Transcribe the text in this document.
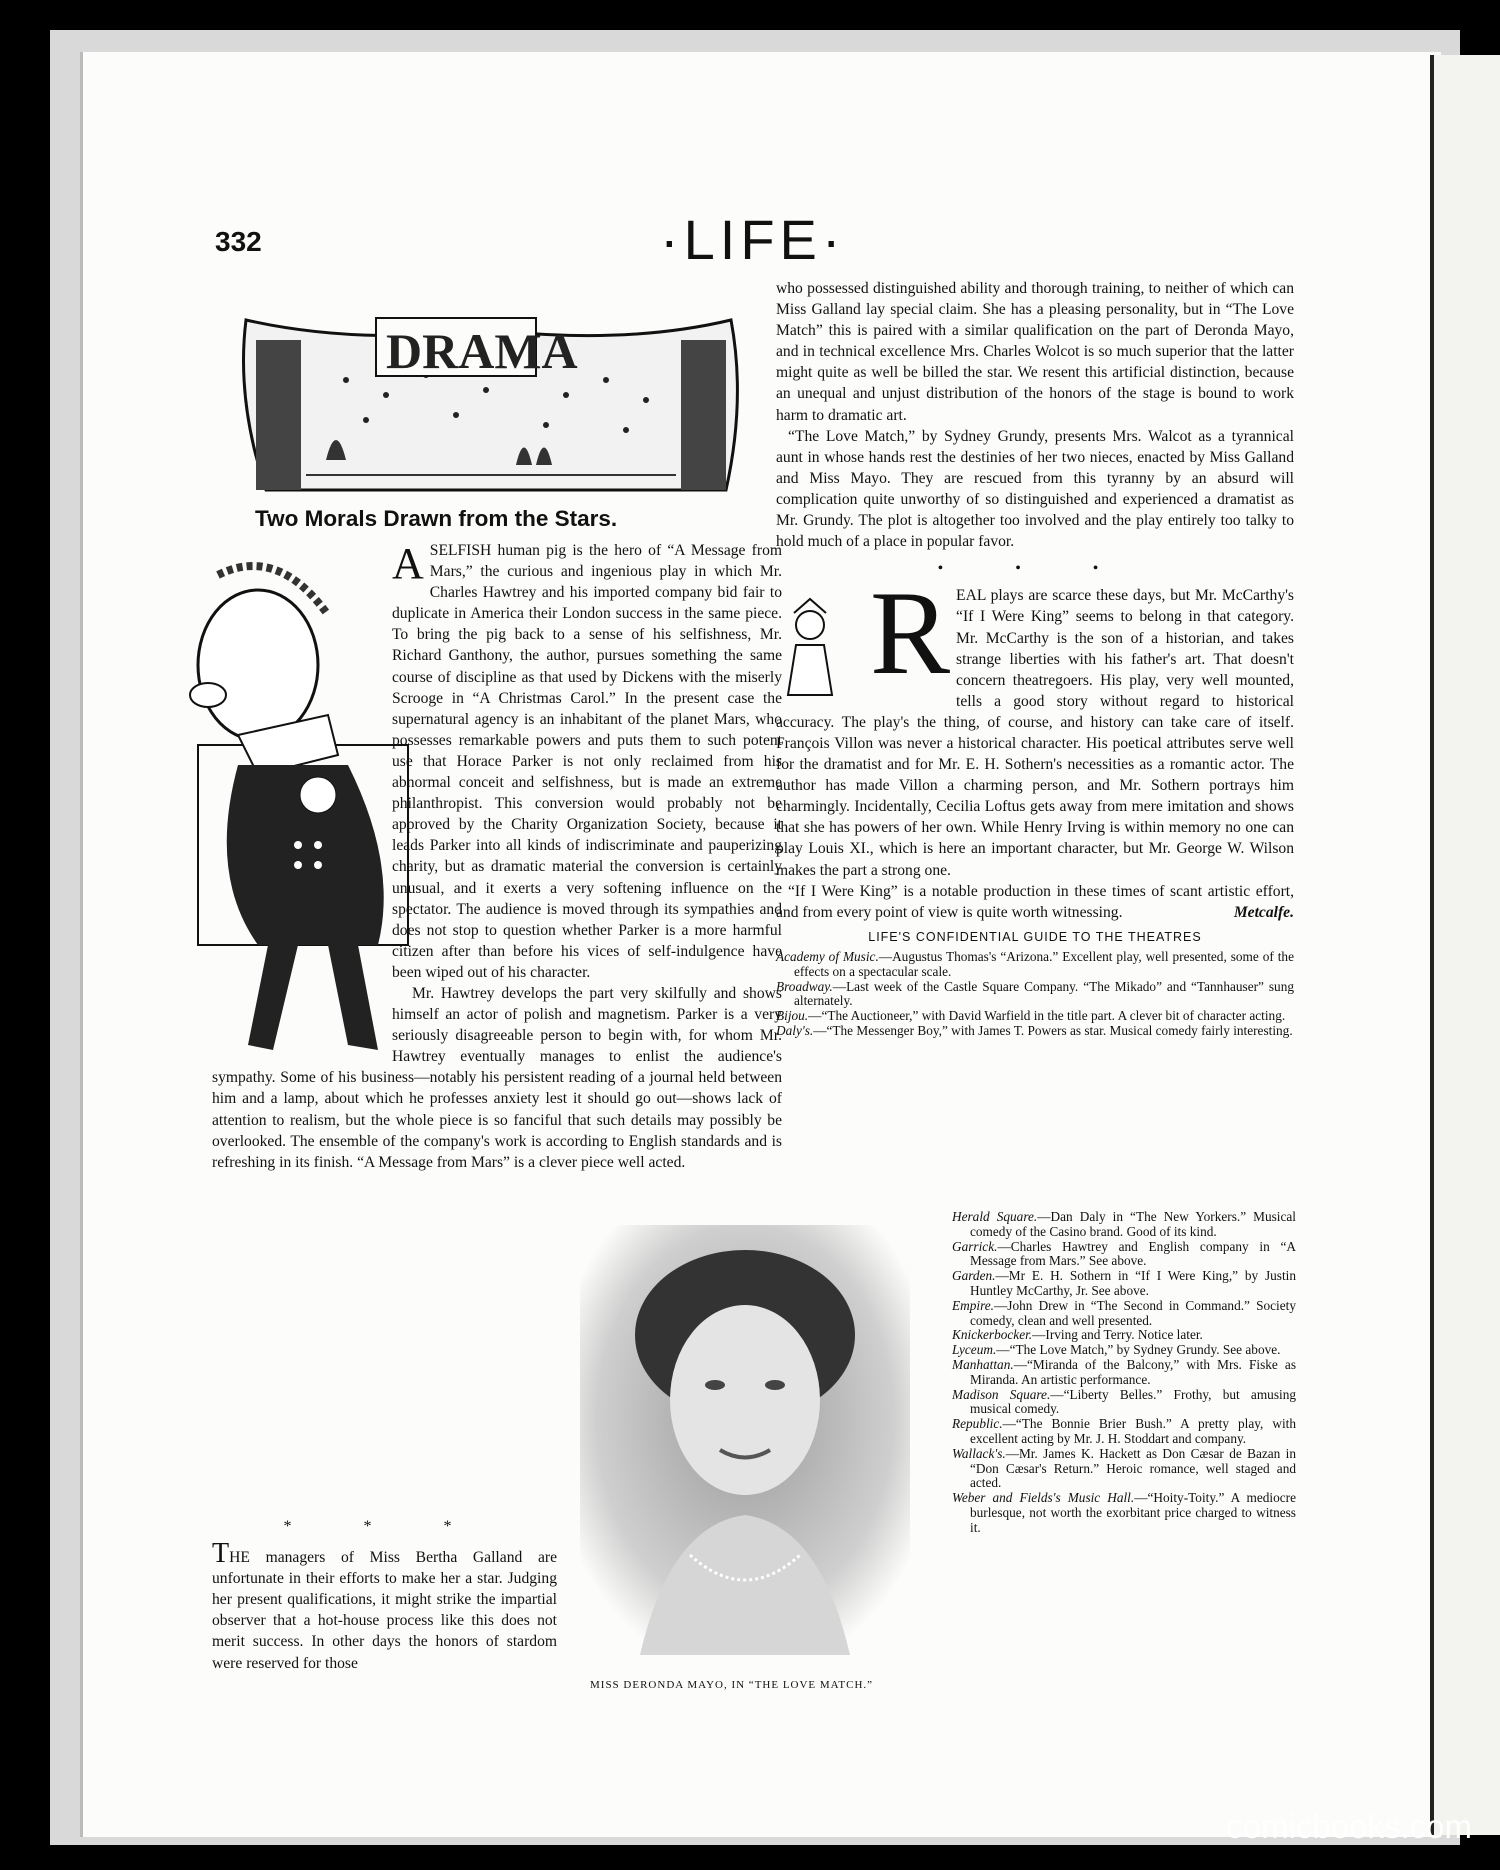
332	·LIFE·
DRAMA
Two Morals Drawn from the Stars.

A SELFISH human pig is the hero of “A Message from Mars,” the curious and ingenious play in which Mr. Charles Hawtrey and his imported company bid fair to duplicate in America their London success in the same piece. To bring the pig back to a sense of his selfishness, Mr. Richard Ganthony, the author, pursues something the same course of discipline as that used by Dickens with the miserly Scrooge in “A Christmas Carol.” In the present case the supernatural agency is an inhabitant of the planet Mars, who possesses remarkable powers and puts them to such potent use that Horace Parker is not only reclaimed from his abnormal conceit and selfishness, but is made an extreme philanthropist. This conversion would probably not be approved by the Charity Organization Society, because it leads Parker into all kinds of indiscriminate and pauperizing charity, but as dramatic material the conversion is certainly unusual, and it exerts a very softening influence on the spectator. The audience is moved through its sympathies and does not stop to question whether Parker is a more harmful citizen after than before his vices of self-indulgence have been wiped out of his character.

Mr. Hawtrey develops the part very skilfully and shows himself an actor of polish and magnetism. Parker is a very seriously disagreeable person to begin with, for whom Mr. Hawtrey eventually manages to enlist the audience's sympathy. Some of his business—notably his persistent reading of a journal held between him and a lamp, about which he professes anxiety lest it should go out—shows lack of attention to realism, but the whole piece is so fanciful that such details may possibly be overlooked. The ensemble of the company's work is according to English standards and is refreshing in its finish. “A Message from Mars” is a clever piece well acted.

* * *

THE managers of Miss Bertha Galland are unfortunate in their efforts to make her a star. Judging her present qualifications, it might strike the impartial observer that a hot-house process like this does not merit success. In other days the honors of stardom were reserved for those

who possessed distinguished ability and thorough training, to neither of which can Miss Galland lay special claim. She has a pleasing personality, but in “The Love Match” this is paired with a similar qualification on the part of Deronda Mayo, and in technical excellence Mrs. Charles Wolcot is so much superior that the latter might quite as well be billed the star. We resent this artificial distinction, because an unequal and unjust distribution of the honors of the stage is bound to work harm to dramatic art.

“The Love Match,” by Sydney Grundy, presents Mrs. Walcot as a tyrannical aunt in whose hands rest the destinies of her two nieces, enacted by Miss Galland and Miss Mayo. They are rescued from this tyranny by an absurd will complication quite unworthy of so distinguished and experienced a dramatist as Mr. Grundy. The plot is altogether too involved and the play entirely too talky to hold much of a place in popular favor.

• • •

R EAL plays are scarce these days, but Mr. McCarthy's “If I Were King” seems to belong in that category. Mr. McCarthy is the son of a historian, and takes strange liberties with his father's art. That doesn't concern theatregoers. His play, very well mounted, tells a good story without regard to historical accuracy. The play's the thing, of course, and history can take care of itself. François Villon was never a historical character. His poetical attributes serve well for the dramatist and for Mr. E. H. Sothern's necessities as a romantic actor. The author has made Villon a charming person, and Mr. Sothern portrays him charmingly. Incidentally, Cecilia Loftus gets away from mere imitation and shows that she has powers of her own. While Henry Irving is within memory no one can play Louis XI., which is here an important character, but Mr. George W. Wilson makes the part a strong one.

“If I Were King” is a notable production in these times of scant artistic effort, and from every point of view is quite worth witnessing.	Metcalfe.

LIFE'S CONFIDENTIAL GUIDE TO THE THEATRES

Academy of Music.—Augustus Thomas's “Arizona.” Excellent play, well presented, some of the effects on a spectacular scale.

Broadway.—Last week of the Castle Square Company. “The Mikado” and “Tannhauser” sung alternately.

Bijou.—“The Auctioneer,” with David Warfield in the title part. A clever bit of character acting.

Daly's.—“The Messenger Boy,” with James T. Powers as star. Musical comedy fairly interesting.

Herald Square.—Dan Daly in “The New Yorkers.” Musical comedy of the Casino brand. Good of its kind.

Garrick.—Charles Hawtrey and English company in “A Message from Mars.” See above.

Garden.—Mr E. H. Sothern in “If I Were King,” by Justin Huntley McCarthy, Jr. See above.

Empire.—John Drew in “The Second in Command.” Society comedy, clean and well presented.

Knickerbocker.—Irving and Terry. Notice later.

Lyceum.—“The Love Match,” by Sydney Grundy. See above.

Manhattan.—“Miranda of the Balcony,” with Mrs. Fiske as Miranda. An artistic performance.

Madison Square.—“Liberty Belles.” Frothy, but amusing musical comedy.

Republic.—“The Bonnie Brier Bush.” A pretty play, with excellent acting by Mr. J. H. Stoddart and company.

Wallack's.—Mr. James K. Hackett as Don Cæsar de Bazan in “Don Cæsar's Return.” Heroic romance, well staged and acted.

Weber and Fields's Music Hall.—“Hoity-Toity.” A mediocre burlesque, not worth the exorbitant price charged to witness it.

MISS DERONDA MAYO, IN “THE LOVE MATCH.”
comicbooks.com
